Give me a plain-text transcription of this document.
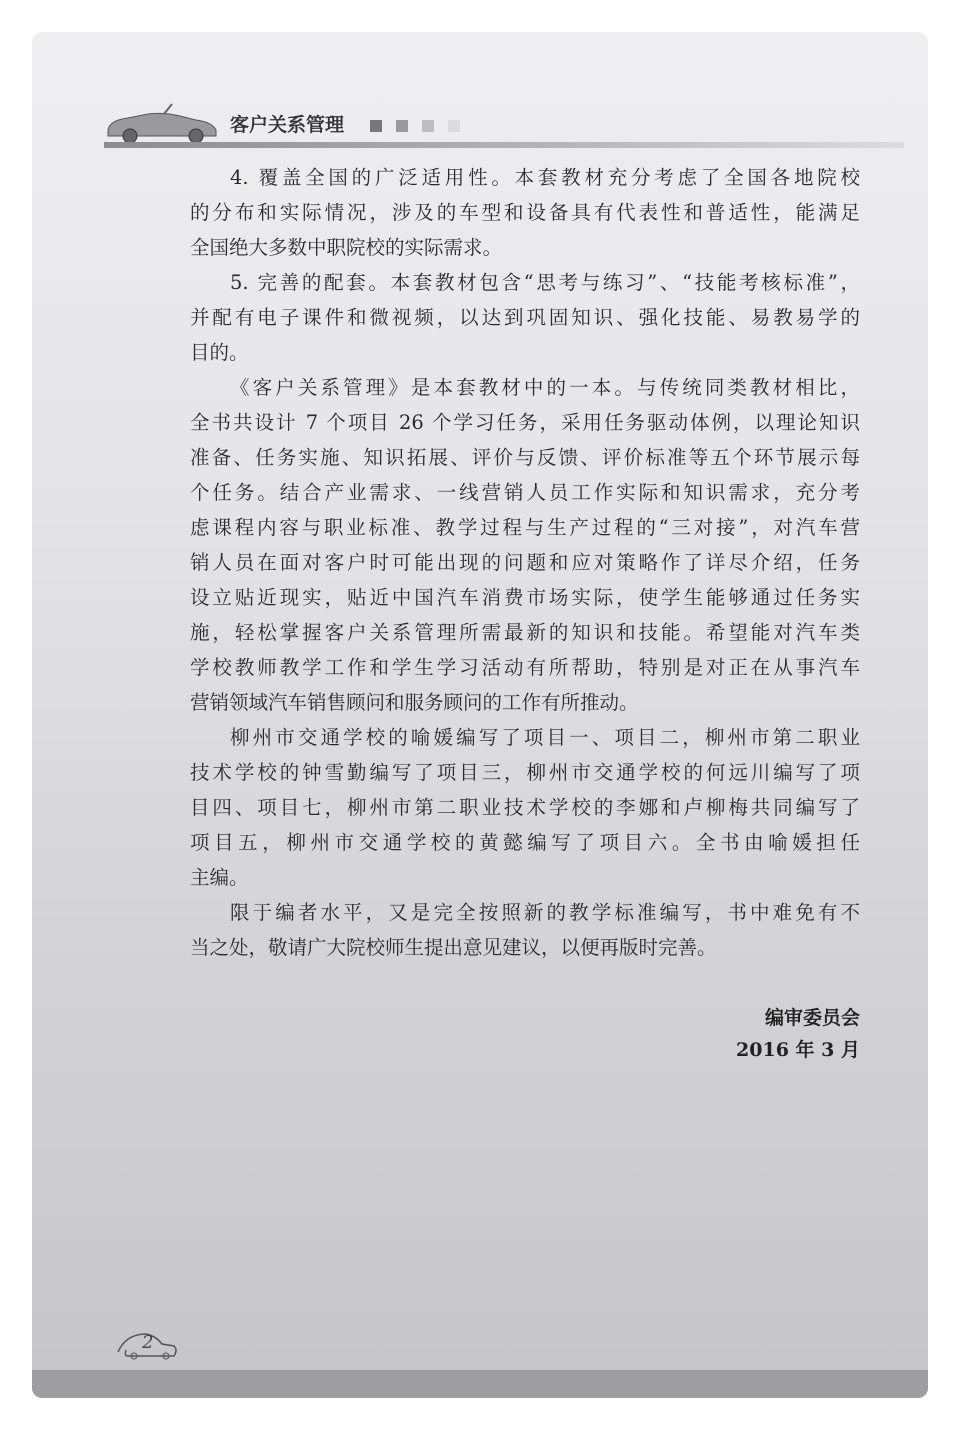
客户关系管理
4. 覆盖全国的广泛适用性。本套教材充分考虑了全国各地院校
的分布和实际情况，涉及的车型和设备具有代表性和普适性，能满足
全国绝大多数中职院校的实际需求。
5. 完善的配套。本套教材包含“思考与练习”、“技能考核标准”，
并配有电子课件和微视频，以达到巩固知识、强化技能、易教易学的
目的。
《客户关系管理》是本套教材中的一本。与传统同类教材相比，
全书共设计 7 个项目 26 个学习任务，采用任务驱动体例，以理论知识
准备、任务实施、知识拓展、评价与反馈、评价标准等五个环节展示每
个任务。结合产业需求、一线营销人员工作实际和知识需求，充分考
虑课程内容与职业标准、教学过程与生产过程的“三对接”，对汽车营
销人员在面对客户时可能出现的问题和应对策略作了详尽介绍，任务
设立贴近现实，贴近中国汽车消费市场实际，使学生能够通过任务实
施，轻松掌握客户关系管理所需最新的知识和技能。希望能对汽车类
学校教师教学工作和学生学习活动有所帮助，特别是对正在从事汽车
营销领域汽车销售顾问和服务顾问的工作有所推动。
柳州市交通学校的喻媛编写了项目一、项目二，柳州市第二职业
技术学校的钟雪勤编写了项目三，柳州市交通学校的何远川编写了项
目四、项目七，柳州市第二职业技术学校的李娜和卢柳梅共同编写了
项目五，柳州市交通学校的黄懿编写了项目六。全书由喻媛担任
主编。
限于编者水平，又是完全按照新的教学标准编写，书中难免有不
当之处，敬请广大院校师生提出意见建议，以便再版时完善。
编审委员会
2016 年 3 月
2
